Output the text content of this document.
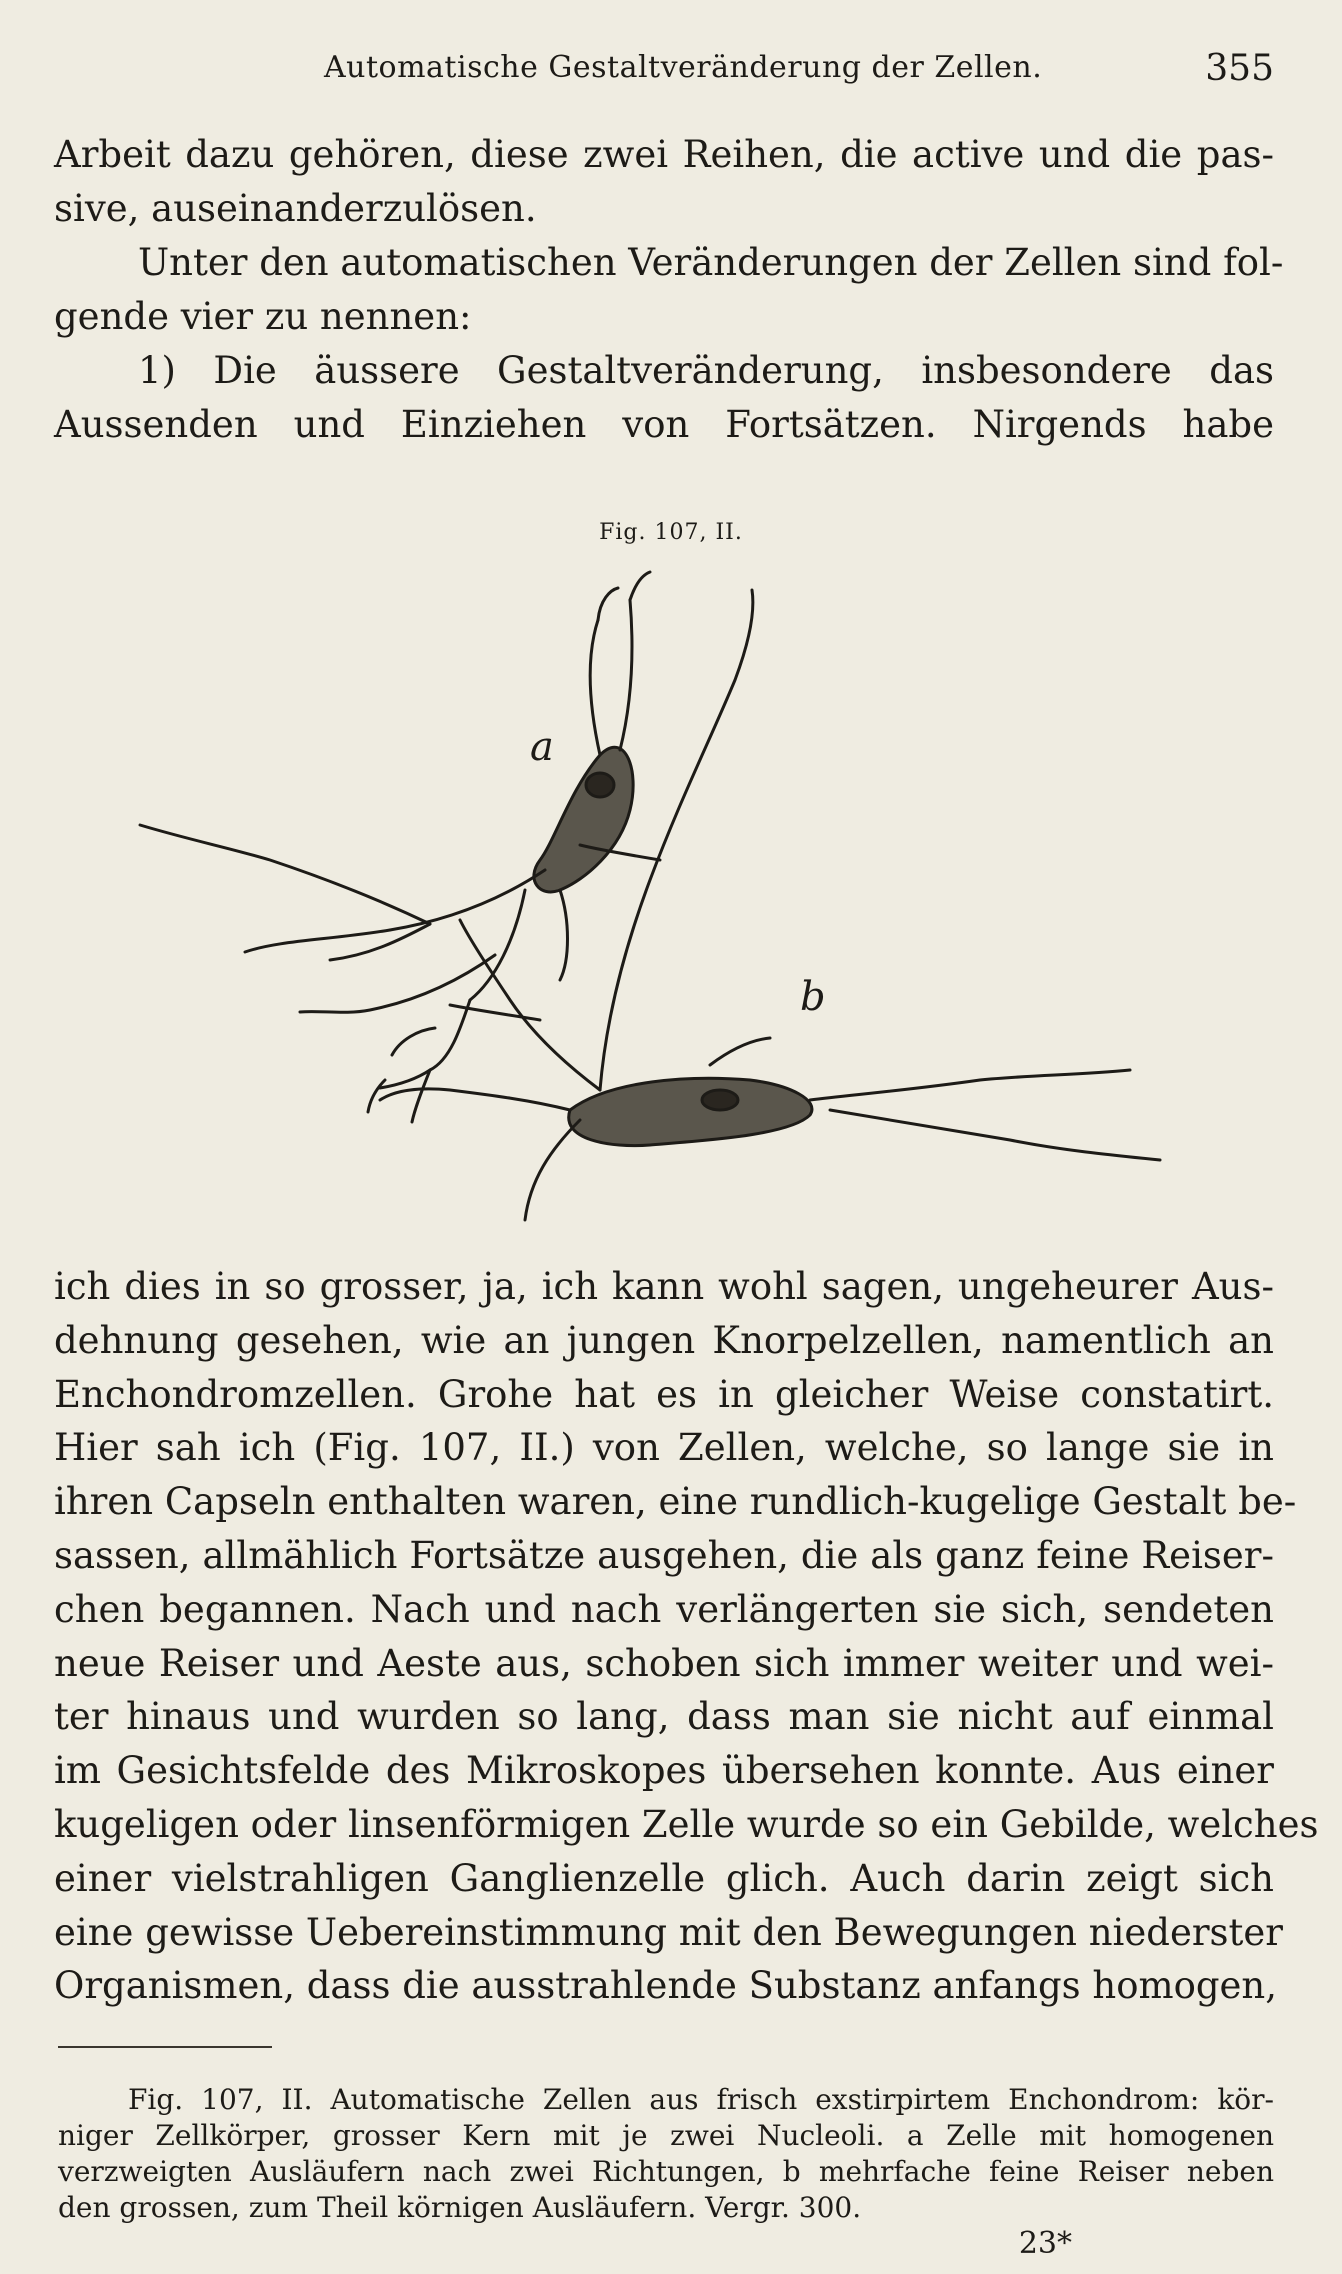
Automatische Gestaltveränderung der Zellen.	355
Arbeit dazu gehören, diese zwei Reihen, die active und die pas-
sive, auseinanderzulösen.
Unter den automatischen Veränderungen der Zellen sind fol-
gende vier zu nennen:
1) Die äussere Gestaltveränderung, insbesondere das
Aussenden und Einziehen von Fortsätzen. Nirgends habe
Fig. 107, II.
a
b
ich dies in so grosser, ja, ich kann wohl sagen, ungeheurer Aus-
dehnung gesehen, wie an jungen Knorpelzellen, namentlich an
Enchondromzellen. Grohe hat es in gleicher Weise constatirt.
Hier sah ich (Fig. 107, II.) von Zellen, welche, so lange sie in
ihren Capseln enthalten waren, eine rundlich-kugelige Gestalt be-
sassen, allmählich Fortsätze ausgehen, die als ganz feine Reiser-
chen begannen. Nach und nach verlängerten sie sich, sendeten
neue Reiser und Aeste aus, schoben sich immer weiter und wei-
ter hinaus und wurden so lang, dass man sie nicht auf einmal
im Gesichtsfelde des Mikroskopes übersehen konnte. Aus einer
kugeligen oder linsenförmigen Zelle wurde so ein Gebilde, welches
einer vielstrahligen Ganglienzelle glich. Auch darin zeigt sich
eine gewisse Uebereinstimmung mit den Bewegungen niederster
Organismen, dass die ausstrahlende Substanz anfangs homogen,
Fig. 107, II. Automatische Zellen aus frisch exstirpirtem Enchondrom: kör-
niger Zellkörper, grosser Kern mit je zwei Nucleoli. a Zelle mit homogenen
verzweigten Ausläufern nach zwei Richtungen, b mehrfache feine Reiser neben
den grossen, zum Theil körnigen Ausläufern. Vergr. 300.
23*
